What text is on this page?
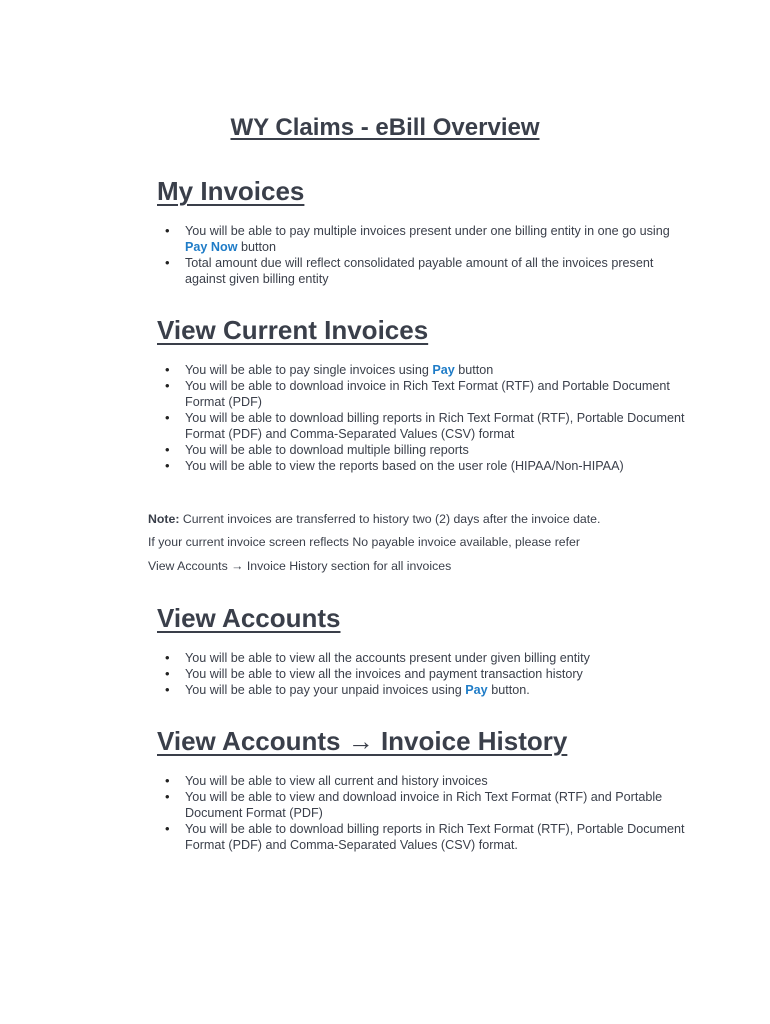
WY Claims - eBill Overview
My Invoices
• You will be able to pay multiple invoices present under one billing entity in one go using Pay Now button
• Total amount due will reflect consolidated payable amount of all the invoices present against given billing entity
View Current Invoices
• You will be able to pay single invoices using Pay button
• You will be able to download invoice in Rich Text Format (RTF) and Portable Document Format (PDF)
• You will be able to download billing reports in Rich Text Format (RTF), Portable Document Format (PDF) and Comma-Separated Values (CSV) format
• You will be able to download multiple billing reports
• You will be able to view the reports based on the user role (HIPAA/Non-HIPAA)

Note: Current invoices are transferred to history two (2) days after the invoice date.

If your current invoice screen reflects No payable invoice available, please refer

View Accounts → Invoice History section for all invoices

View Accounts
• You will be able to view all the accounts present under given billing entity
• You will be able to view all the invoices and payment transaction history
• You will be able to pay your unpaid invoices using Pay button.
View Accounts → Invoice History
• You will be able to view all current and history invoices
• You will be able to view and download invoice in Rich Text Format (RTF) and Portable Document Format (PDF)
• You will be able to download billing reports in Rich Text Format (RTF), Portable Document Format (PDF) and Comma-Separated Values (CSV) format.
